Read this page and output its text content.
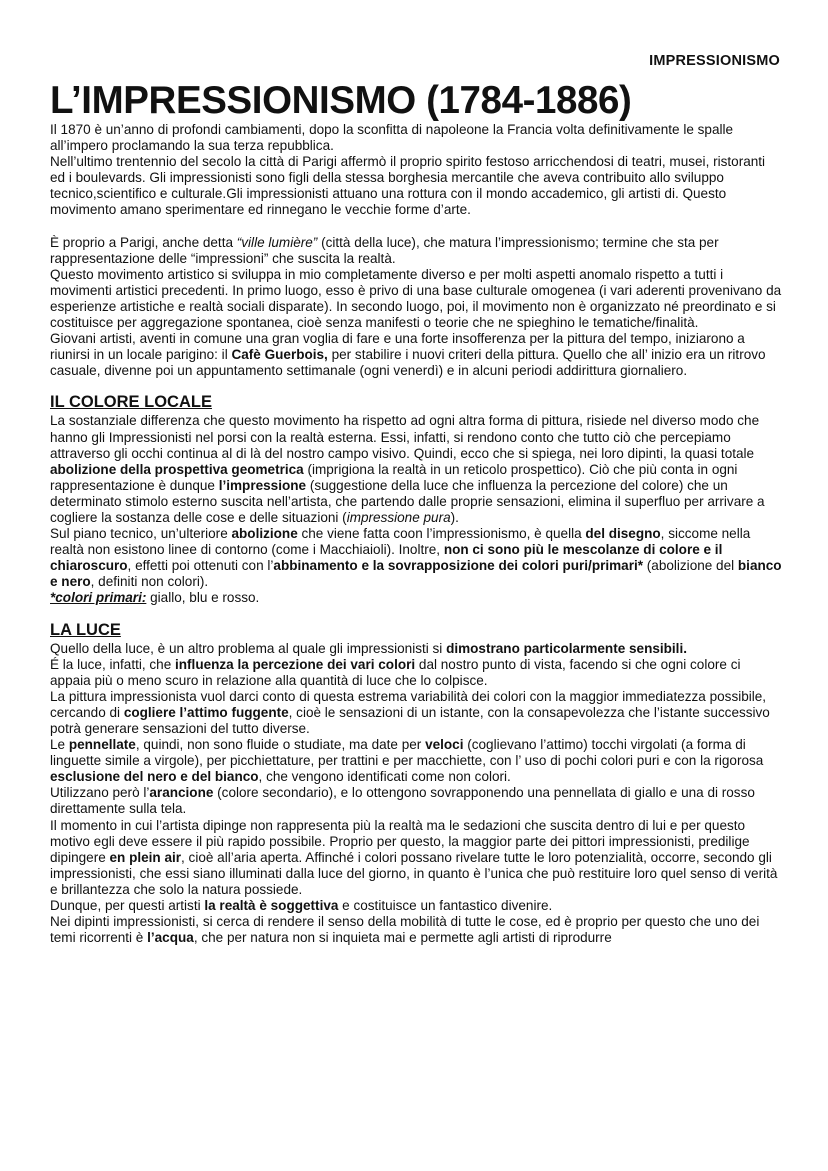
IMPRESSIONISMO
L’IMPRESSIONISMO (1784-1886)

Il 1870 è un’anno di profondi cambiamenti, dopo la sconfitta di napoleone la Francia volta definitivamente le spalle all’impero proclamando la sua terza repubblica.

Nell’ultimo trentennio del secolo la città di Parigi affermò il proprio spirito festoso arricchendosi di teatri, musei, ristoranti ed i boulevards. Gli impressionisti sono figli della stessa borghesia mercantile che aveva contribuito allo sviluppo tecnico,scientifico e culturale.Gli impressionisti attuano una rottura con il mondo accademico, gli artisti di. Questo movimento amano sperimentare ed rinnegano le vecchie forme d’arte.

È proprio a Parigi, anche detta “ville lumière” (città della luce), che matura l’impressionismo; termine che sta per rappresentazione delle “impressioni” che suscita la realtà.

Questo movimento artistico si sviluppa in mio completamente diverso e per molti aspetti anomalo rispetto a tutti i movimenti artistici precedenti. In primo luogo, esso è privo di una base culturale omogenea (i vari aderenti provenivano da esperienze artistiche e realtà sociali disparate). In secondo luogo, poi, il movimento non è organizzato né preordinato e si costituisce per aggregazione spontanea, cioè senza manifesti o teorie che ne spieghino le tematiche/finalità.

Giovani artisti, aventi in comune una gran voglia di fare e una forte insofferenza per la pittura del tempo, iniziarono a riunirsi in un locale parigino: il Cafè Guerbois, per stabilire i nuovi criteri della pittura. Quello che all’ inizio era un ritrovo casuale, divenne poi un appuntamento settimanale (ogni venerdì) e in alcuni periodi addirittura giornaliero.

IL COLORE LOCALE

La sostanziale differenza che questo movimento ha rispetto ad ogni altra forma di pittura, risiede nel diverso modo che hanno gli Impressionisti nel porsi con la realtà esterna. Essi, infatti, si rendono conto che tutto ciò che percepiamo attraverso gli occhi continua al di là del nostro campo visivo. Quindi, ecco che si spiega, nei loro dipinti, la quasi totale abolizione della prospettiva geometrica (imprigiona la realtà in un reticolo prospettico). Ciò che più conta in ogni rappresentazione è dunque l’impressione (suggestione della luce che influenza la percezione del colore) che un determinato stimolo esterno suscita nell’artista, che partendo dalle proprie sensazioni, elimina il superfluo per arrivare a cogliere la sostanza delle cose e delle situazioni (impressione pura).

Sul piano tecnico, un’ulteriore abolizione che viene fatta coon l’impressionismo, è quella del disegno, siccome nella realtà non esistono linee di contorno (come i Macchiaioli). Inoltre, non ci sono più le mescolanze di colore e il chiaroscuro, effetti poi ottenuti con l’abbinamento e la sovrapposizione dei colori puri/primari* (abolizione del bianco e nero, definiti non colori).

*colori primari: giallo, blu e rosso.

LA LUCE

Quello della luce, è un altro problema al quale gli impressionisti si dimostrano particolarmente sensibili.

É la luce, infatti, che influenza la percezione dei vari colori dal nostro punto di vista, facendo si che ogni colore ci appaia più o meno scuro in relazione alla quantità di luce che lo colpisce.

La pittura impressionista vuol darci conto di questa estrema variabilità dei colori con la maggior immediatezza possibile, cercando di cogliere l’attimo fuggente, cioè le sensazioni di un istante, con la consapevolezza che l’istante successivo potrà generare sensazioni del tutto diverse.

Le pennellate, quindi, non sono fluide o studiate, ma date per veloci (coglievano l’attimo) tocchi virgolati (a forma di linguette simile a virgole), per picchiettature, per trattini e per macchiette, con l’ uso di pochi colori puri e con la rigorosa esclusione del nero e del bianco, che vengono identificati come non colori.

Utilizzano però l’arancione (colore secondario), e lo ottengono sovrapponendo una pennellata di giallo e una di rosso direttamente sulla tela.

Il momento in cui l’artista dipinge non rappresenta più la realtà ma le sedazioni che suscita dentro di lui e per questo motivo egli deve essere il più rapido possibile. Proprio per questo, la maggior parte dei pittori impressionisti, predilige dipingere en plein air, cioè all’aria aperta. Affinché i colori possano rivelare tutte le loro potenzialità, occorre, secondo gli impressionisti, che essi siano illuminati dalla luce del giorno, in quanto è l’unica che può restituire loro quel senso di verità e brillantezza che solo la natura possiede.

Dunque, per questi artisti la realtà è soggettiva e costituisce un fantastico divenire.

Nei dipinti impressionisti, si cerca di rendere il senso della mobilità di tutte le cose, ed è proprio per questo che uno dei temi ricorrenti è l’acqua, che per natura non si inquieta mai e permette agli artisti di riprodurre
